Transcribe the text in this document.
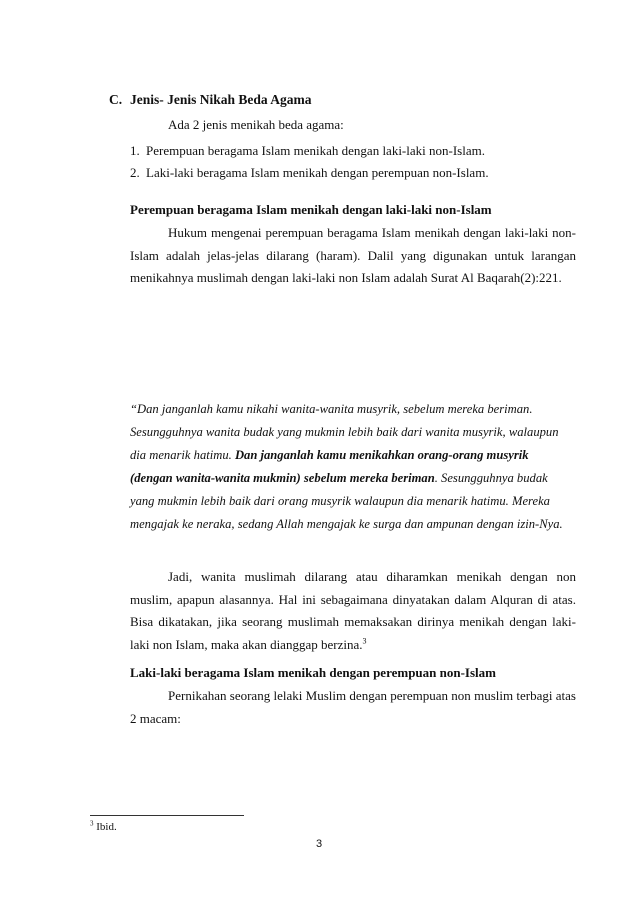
C. Jenis- Jenis Nikah Beda Agama
Ada 2 jenis menikah beda agama:
1. Perempuan beragama Islam menikah dengan laki-laki non-Islam.
2. Laki-laki beragama Islam menikah dengan perempuan non-Islam.
Perempuan beragama Islam menikah dengan laki-laki non-Islam

Hukum mengenai perempuan beragama Islam menikah dengan laki-laki non-Islam adalah jelas-jelas dilarang (haram). Dalil yang digunakan untuk larangan menikahnya muslimah dengan laki-laki non Islam adalah Surat Al Baqarah(2):221.

“Dan janganlah kamu nikahi wanita-wanita musyrik, sebelum mereka beriman.
Sesungguhnya wanita budak yang mukmin lebih baik dari wanita musyrik, walaupun
dia menarik hatimu. Dan janganlah kamu menikahkan orang-orang musyrik
(dengan wanita-wanita mukmin) sebelum mereka beriman. Sesungguhnya budak
yang mukmin lebih baik dari orang musyrik walaupun dia menarik hatimu. Mereka
mengajak ke neraka, sedang Allah mengajak ke surga dan ampunan dengan izin-Nya.

Jadi, wanita muslimah dilarang atau diharamkan menikah dengan non muslim, apapun alasannya. Hal ini sebagaimana dinyatakan dalam Alquran di atas. Bisa dikatakan, jika seorang muslimah memaksakan dirinya menikah dengan laki-laki non Islam, maka akan dianggap berzina.$^3$

Laki-laki beragama Islam menikah dengan perempuan non-Islam

Pernikahan seorang lelaki Muslim dengan perempuan non muslim terbagi atas 2 macam:

$^3$ Ibid.
3
